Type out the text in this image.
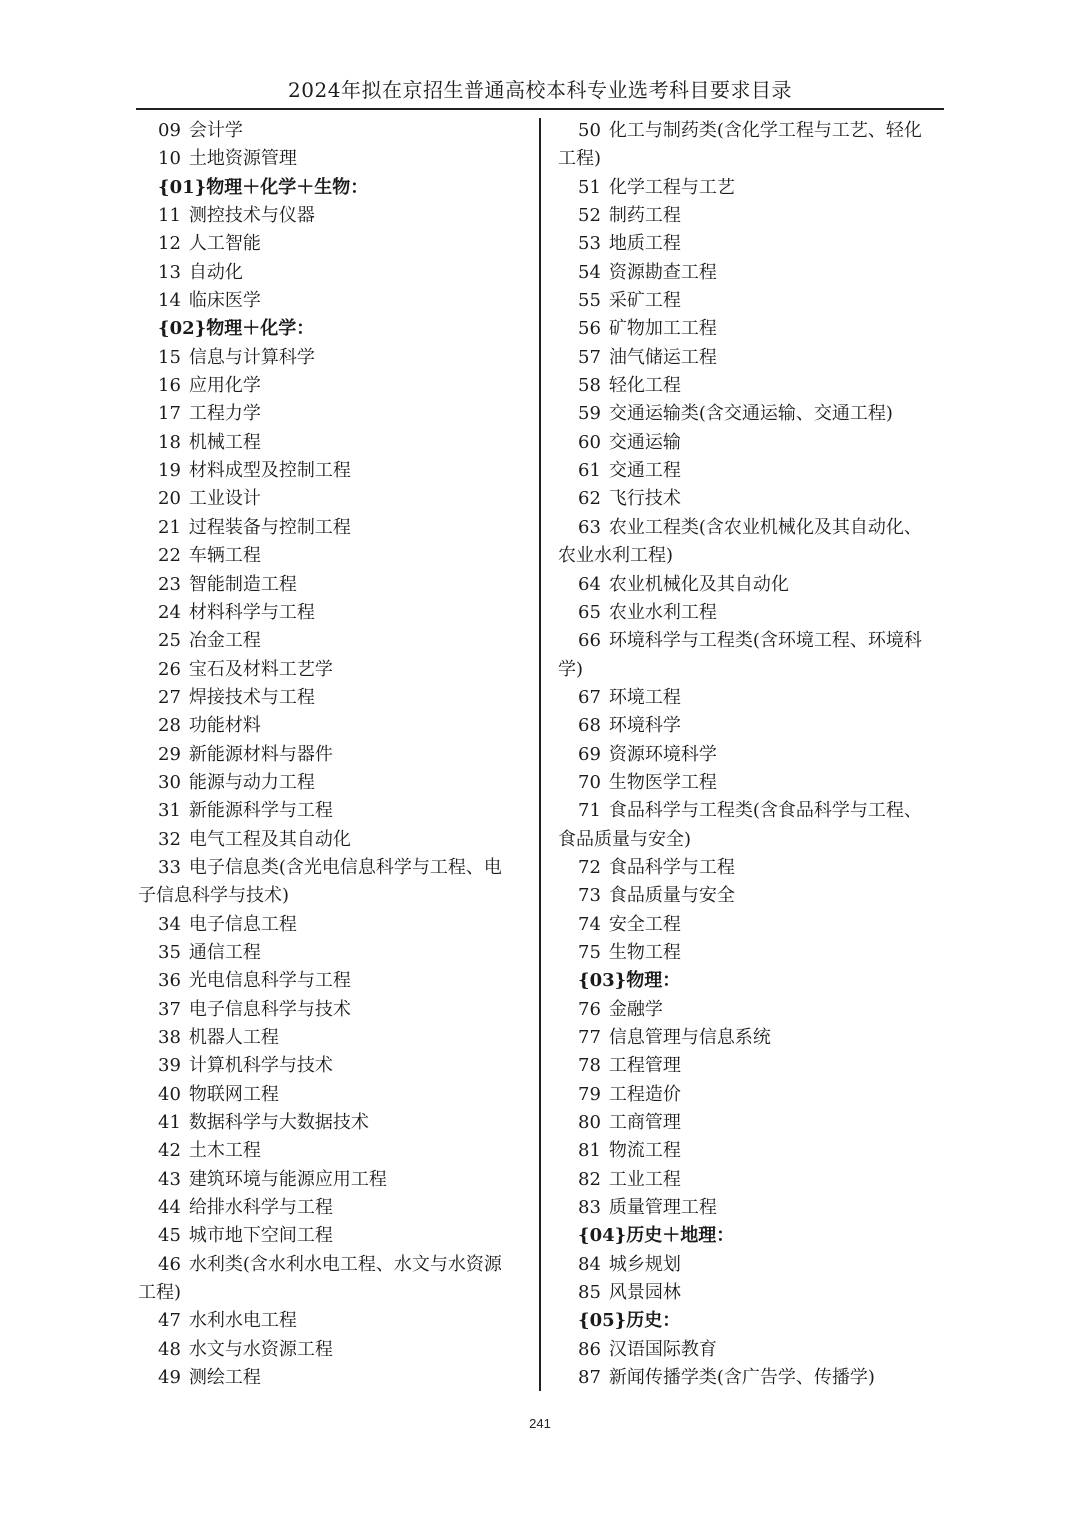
2024年拟在京招生普通高校本科专业选考科目要求目录
09 会计学
10 土地资源管理
{01}物理＋化学＋生物：
11 测控技术与仪器
12 人工智能
13 自动化
14 临床医学
{02}物理＋化学：
15 信息与计算科学
16 应用化学
17 工程力学
18 机械工程
19 材料成型及控制工程
20 工业设计
21 过程装备与控制工程
22 车辆工程
23 智能制造工程
24 材料科学与工程
25 冶金工程
26 宝石及材料工艺学
27 焊接技术与工程
28 功能材料
29 新能源材料与器件
30 能源与动力工程
31 新能源科学与工程
32 电气工程及其自动化
33 电子信息类(含光电信息科学与工程、电
子信息科学与技术)
34 电子信息工程
35 通信工程
36 光电信息科学与工程
37 电子信息科学与技术
38 机器人工程
39 计算机科学与技术
40 物联网工程
41 数据科学与大数据技术
42 土木工程
43 建筑环境与能源应用工程
44 给排水科学与工程
45 城市地下空间工程
46 水利类(含水利水电工程、水文与水资源
工程)
47 水利水电工程
48 水文与水资源工程
49 测绘工程
50 化工与制药类(含化学工程与工艺、轻化
工程)
51 化学工程与工艺
52 制药工程
53 地质工程
54 资源勘查工程
55 采矿工程
56 矿物加工工程
57 油气储运工程
58 轻化工程
59 交通运输类(含交通运输、交通工程)
60 交通运输
61 交通工程
62 飞行技术
63 农业工程类(含农业机械化及其自动化、
农业水利工程)
64 农业机械化及其自动化
65 农业水利工程
66 环境科学与工程类(含环境工程、环境科
学)
67 环境工程
68 环境科学
69 资源环境科学
70 生物医学工程
71 食品科学与工程类(含食品科学与工程、
食品质量与安全)
72 食品科学与工程
73 食品质量与安全
74 安全工程
75 生物工程
{03}物理：
76 金融学
77 信息管理与信息系统
78 工程管理
79 工程造价
80 工商管理
81 物流工程
82 工业工程
83 质量管理工程
{04}历史＋地理：
84 城乡规划
85 风景园林
{05}历史：
86 汉语国际教育
87 新闻传播学类(含广告学、传播学)
241
